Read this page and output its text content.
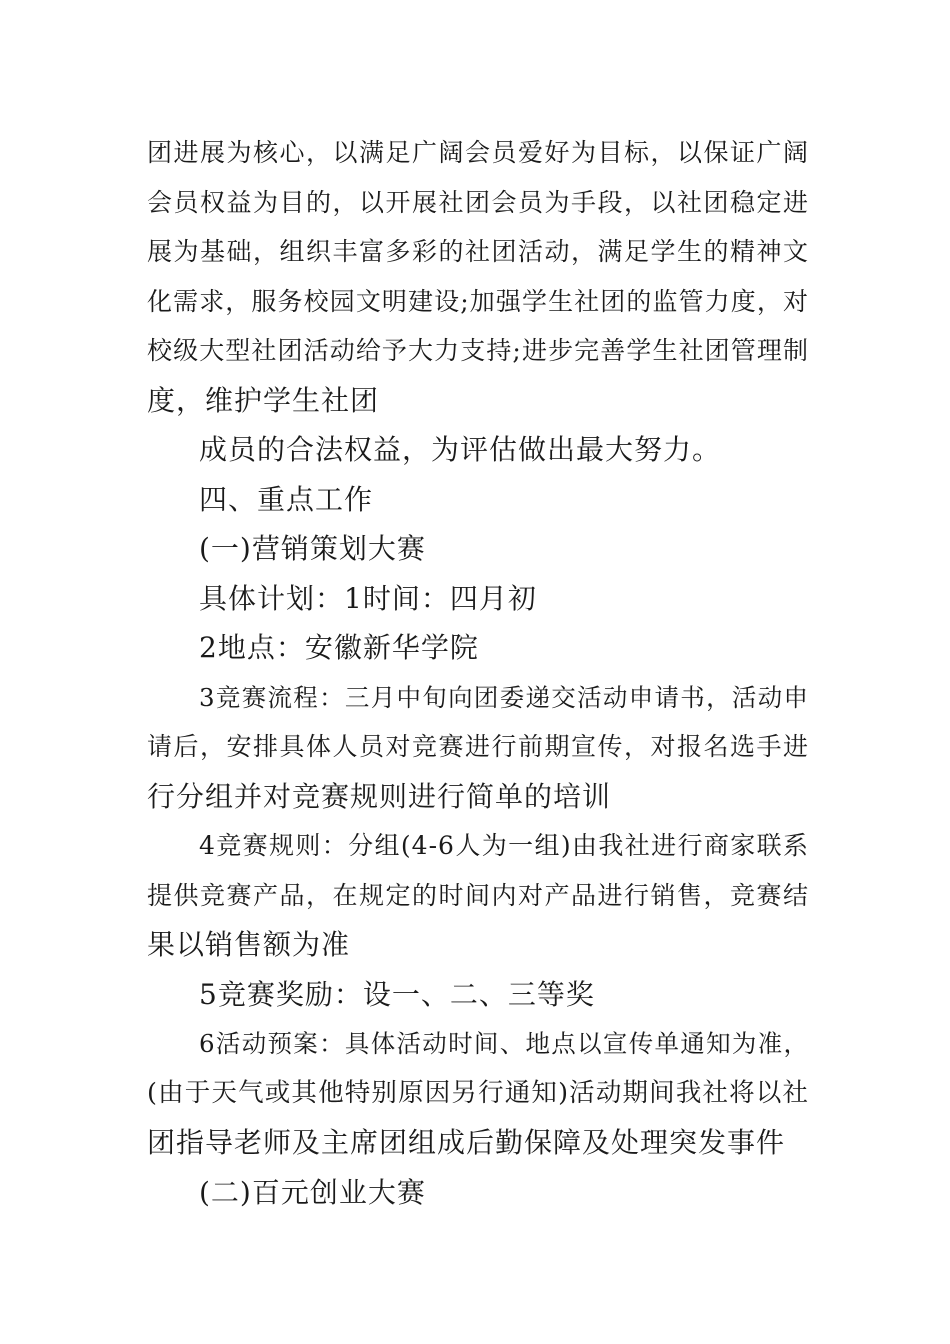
团进展为核心，以满足广阔会员爱好为目标，以保证广阔
会员权益为目的，以开展社团会员为手段，以社团稳定进
展为基础，组织丰富多彩的社团活动，满足学生的精神文
化需求，服务校园文明建设;加强学生社团的监管力度，对
校级大型社团活动给予大力支持;进步完善学生社团管理制
度，维护学生社团
成员的合法权益，为评估做出最大努力。
四、重点工作
(一)营销策划大赛
具体计划：1时间：四月初
2地点：安徽新华学院
3竞赛流程：三月中旬向团委递交活动申请书，活动申
请后，安排具体人员对竞赛进行前期宣传，对报名选手进
行分组并对竞赛规则进行简单的培训
4竞赛规则：分组(4-6人为一组)由我社进行商家联系
提供竞赛产品，在规定的时间内对产品进行销售，竞赛结
果以销售额为准
5竞赛奖励：设一、二、三等奖
6活动预案：具体活动时间、地点以宣传单通知为准，
(由于天气或其他特别原因另行通知)活动期间我社将以社
团指导老师及主席团组成后勤保障及处理突发事件
(二)百元创业大赛
